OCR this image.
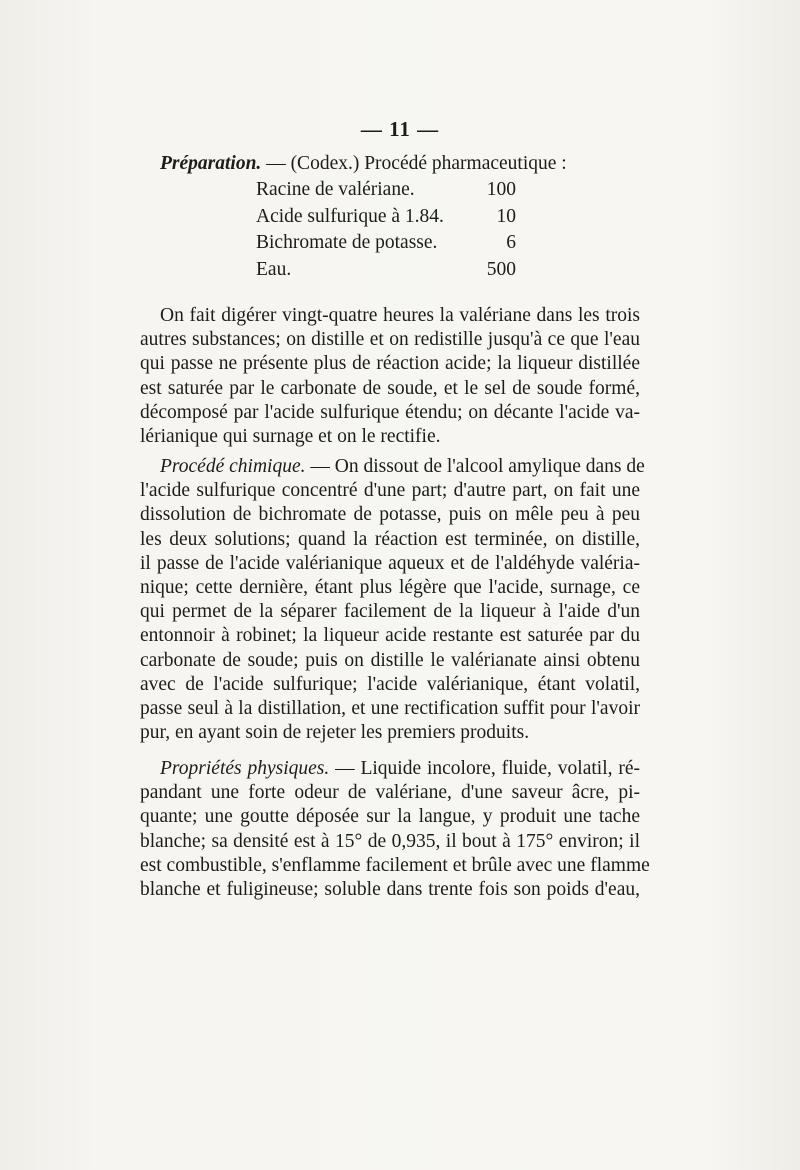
— 11 —
Préparation. — (Codex.) Procédé pharmaceutique :
Racine de valériane.	100
Acide sulfurique à 1.84.	10
Bichromate de potasse.	6
Eau.	500
On fait digérer vingt-quatre heures la valériane dans les trois
autres substances; on distille et on redistille jusqu'à ce que l'eau
qui passe ne présente plus de réaction acide; la liqueur distillée
est saturée par le carbonate de soude, et le sel de soude formé,
décomposé par l'acide sulfurique étendu; on décante l'acide va-
lérianique qui surnage et on le rectifie.
Procédé chimique. — On dissout de l'alcool amylique dans de
l'acide sulfurique concentré d'une part; d'autre part, on fait une
dissolution de bichromate de potasse, puis on mêle peu à peu
les deux solutions; quand la réaction est terminée, on distille,
il passe de l'acide valérianique aqueux et de l'aldéhyde valéria-
nique; cette dernière, étant plus légère que l'acide, surnage, ce
qui permet de la séparer facilement de la liqueur à l'aide d'un
entonnoir à robinet; la liqueur acide restante est saturée par du
carbonate de soude; puis on distille le valérianate ainsi obtenu
avec de l'acide sulfurique; l'acide valérianique, étant volatil,
passe seul à la distillation, et une rectification suffit pour l'avoir
pur, en ayant soin de rejeter les premiers produits.
Propriétés physiques. — Liquide incolore, fluide, volatil, ré-
pandant une forte odeur de valériane, d'une saveur âcre, pi-
quante; une goutte déposée sur la langue, y produit une tache
blanche; sa densité est à 15° de 0,935, il bout à 175° environ; il
est combustible, s'enflamme facilement et brûle avec une flamme
blanche et fuligineuse; soluble dans trente fois son poids d'eau,
